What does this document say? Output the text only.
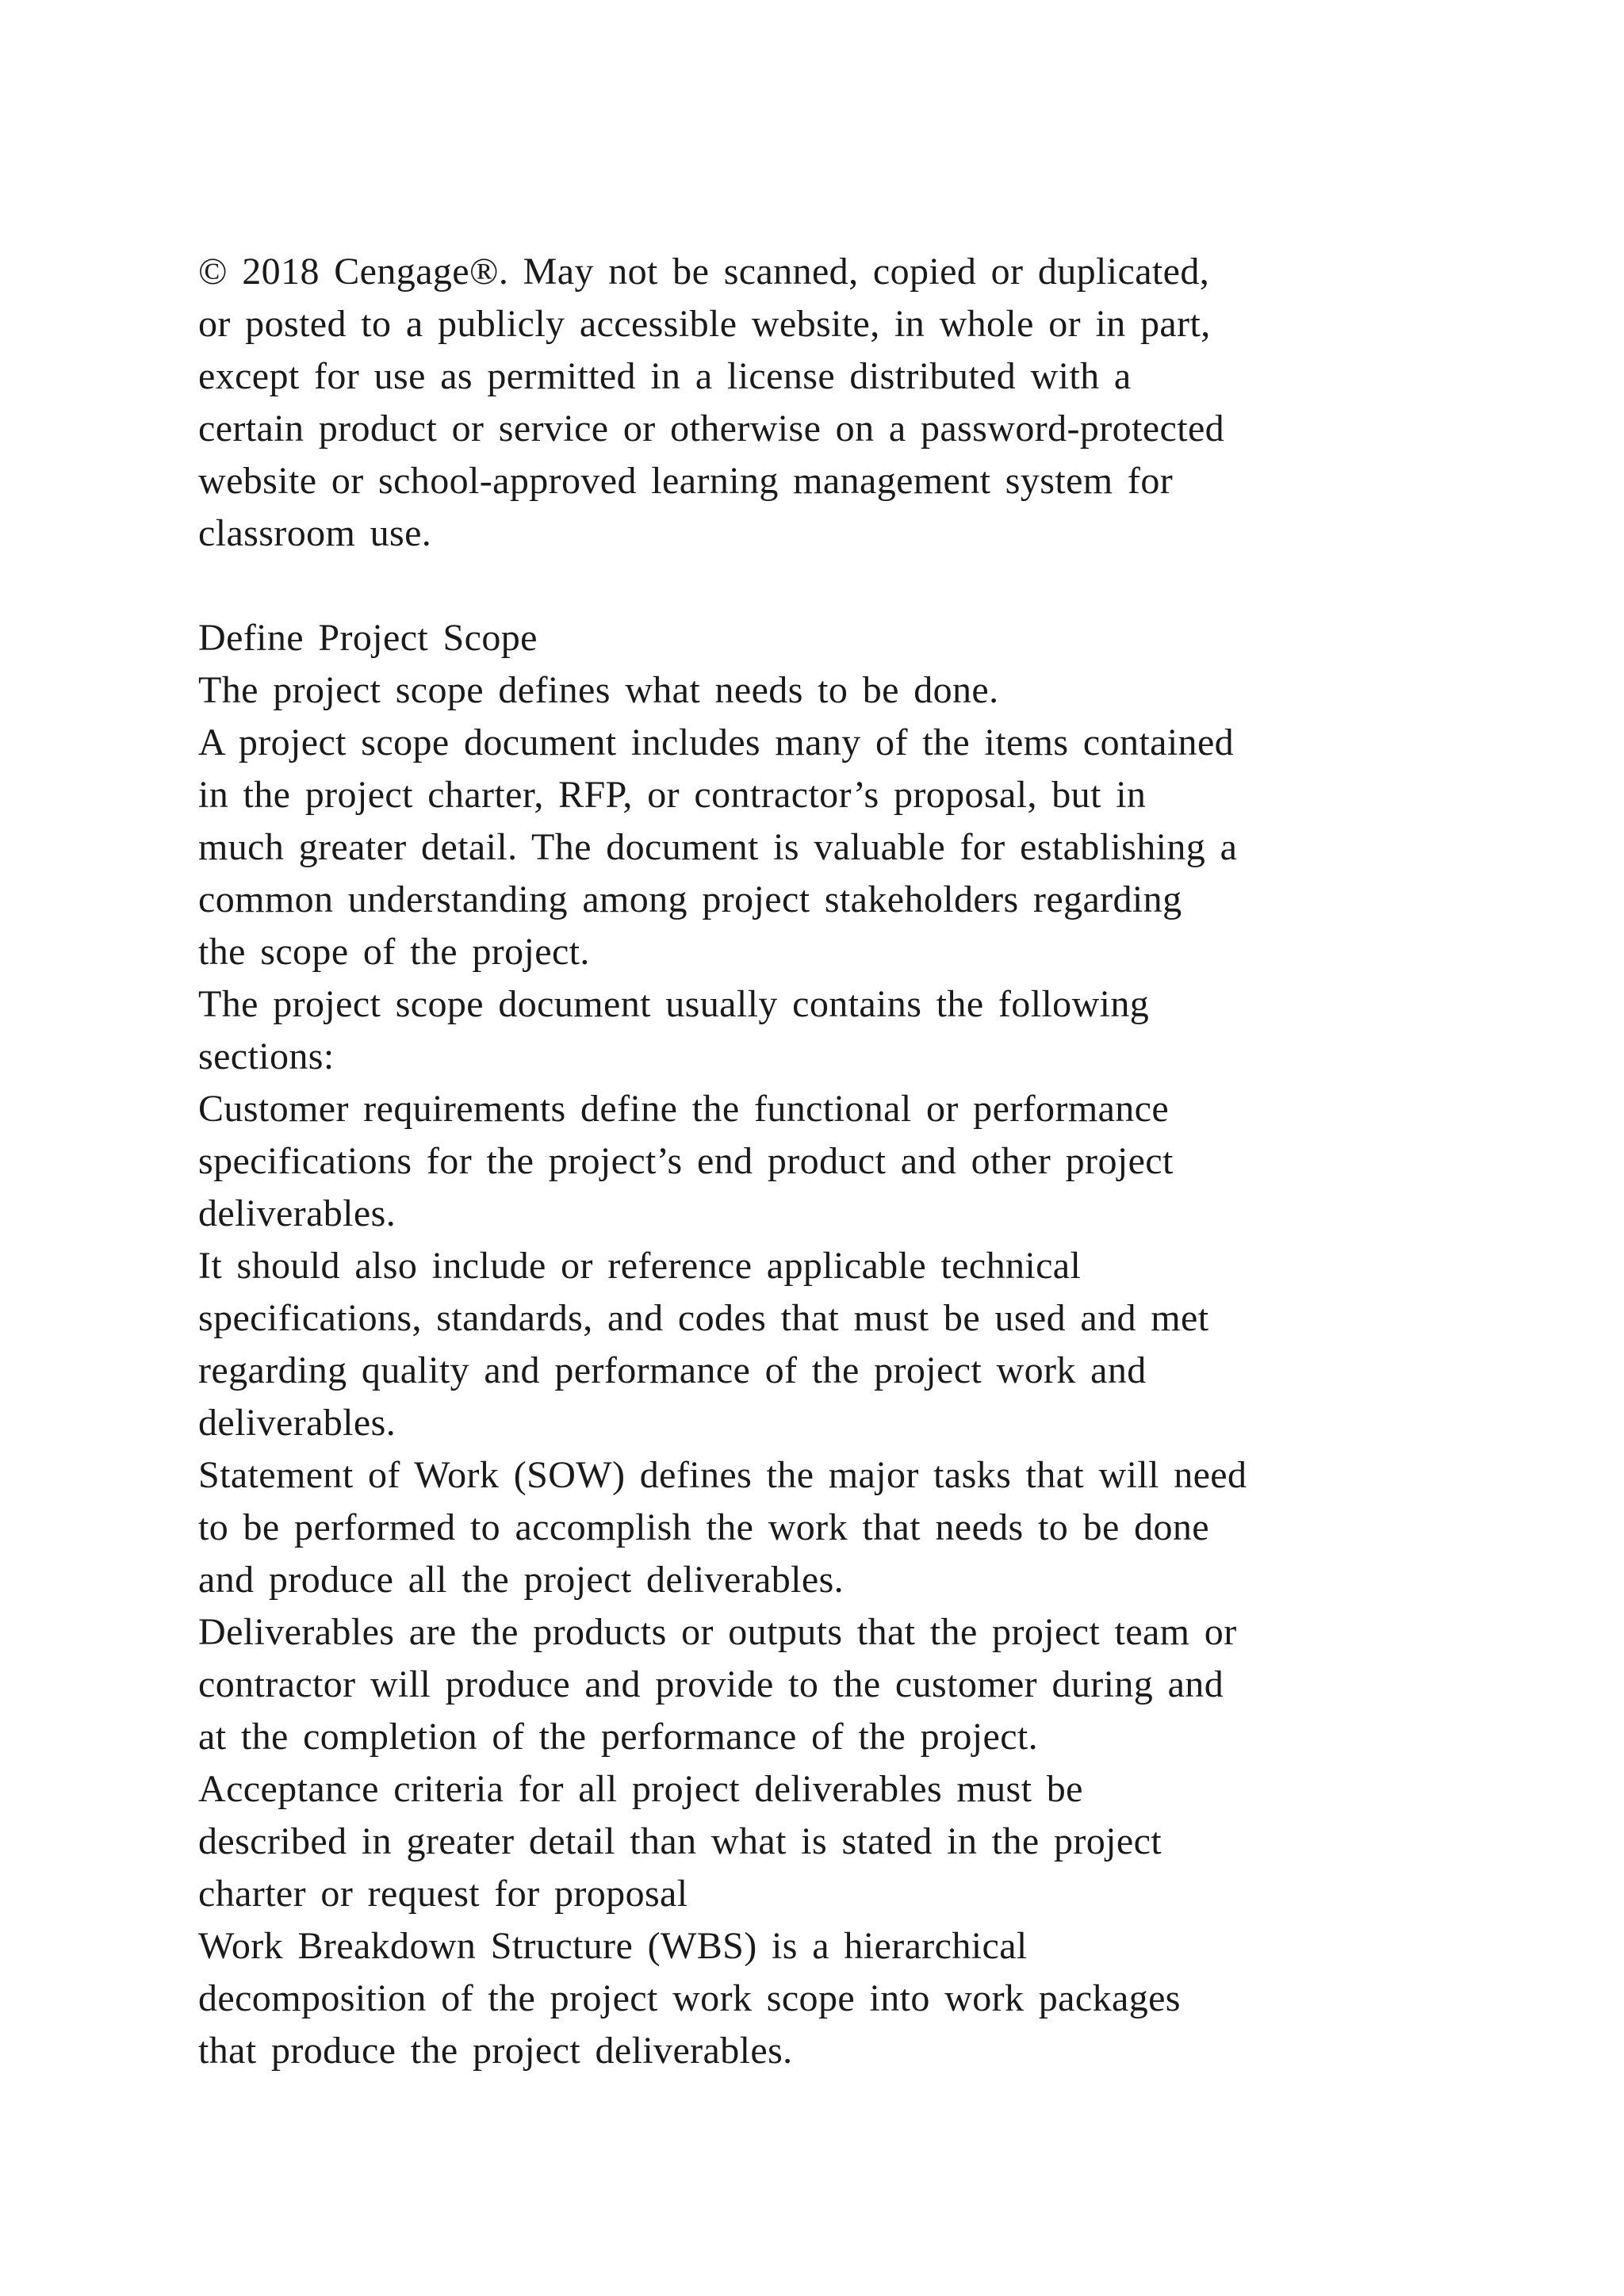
© 2018 Cengage®. May not be scanned, copied or duplicated,
or posted to a publicly accessible website, in whole or in part,
except for use as permitted in a license distributed with a
certain product or service or otherwise on a password-protected
website or school-approved learning management system for
classroom use.
Define Project Scope
The project scope defines what needs to be done.
A project scope document includes many of the items contained
in the project charter, RFP, or contractor’s proposal, but in
much greater detail. The document is valuable for establishing a
common understanding among project stakeholders regarding
the scope of the project.
The project scope document usually contains the following
sections:
Customer requirements define the functional or performance
specifications for the project’s end product and other project
deliverables.
It should also include or reference applicable technical
specifications, standards, and codes that must be used and met
regarding quality and performance of the project work and
deliverables.
Statement of Work (SOW) defines the major tasks that will need
to be performed to accomplish the work that needs to be done
and produce all the project deliverables.
Deliverables are the products or outputs that the project team or
contractor will produce and provide to the customer during and
at the completion of the performance of the project.
Acceptance criteria for all project deliverables must be
described in greater detail than what is stated in the project
charter or request for proposal
Work Breakdown Structure (WBS) is a hierarchical
decomposition of the project work scope into work packages
that produce the project deliverables.
